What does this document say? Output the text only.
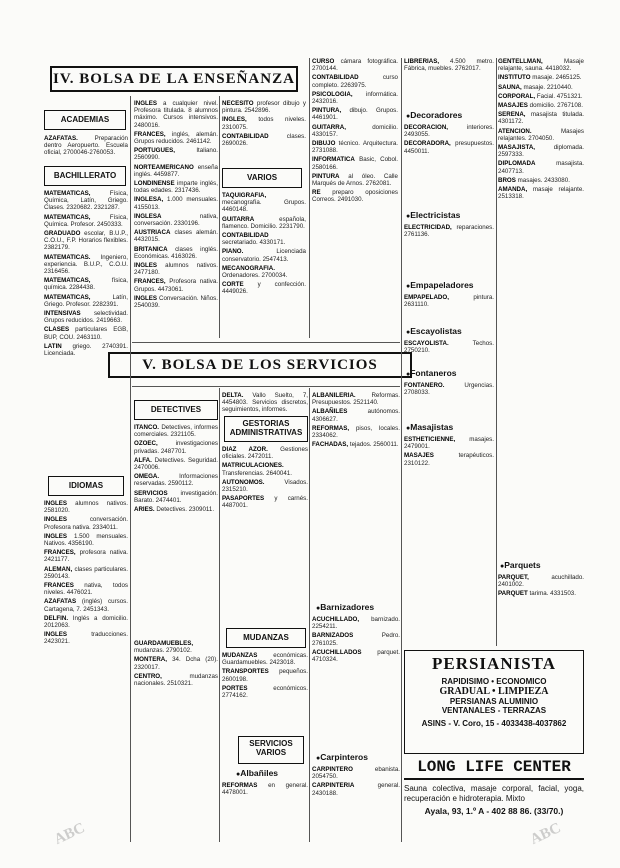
IV. BOLSA DE LA ENSEÑANZA
ACADEMIAS

AZAFATAS.	Preparación dentro Aeropuerto. Escuela oficial, 2700046-2760053.

BACHILLERATO

MATEMATICAS,	Física, Química, Latín, Griego. Clases. 2320682. 2321287.

MATEMATICAS,	Física, Química. Profesor. 2450333.

GRADUADO escolar, B.U.P., C.O.U., F.P. Horarios flexibles. 2382179.

MATEMATICAS. Ingeniero, experiencia. B.U.P., C.O.U. 2316456.

MATEMATICAS,	física, química. 2284438.

MATEMATICAS,	Latín, Griego. Profesor. 2282391.

INTENSIVAS selectividad. Grupos reducidos. 2419663.

CLASES particulares EGB, BUP, COU. 2463110.

LATIN griego. 2740391. Licenciada.

IDIOMAS

INGLES alumnos nativos. 2581020.

INGLES	conversación. Profesora nativa. 2334011.

INGLES 1.500 mensuales. Nativos. 4356190.

FRANCES, profesora nativa. 2421177.

ALEMAN, clases particulares. 2590143.

FRANCES nativa, todos niveles. 4476021.

AZAFATAS (inglés) cursos. Cartagena, 7. 2451343.

DELFIN. Inglés a domicilio. 2012063.

INGLES	traducciones. 2423021.

INGLES a cualquier nivel. Profesora titulada. 8 alumnos máximo. Cursos intensivos. 2480016.

FRANCES, inglés, alemán. Grupos reducidos. 2461142.

PORTUGUES,	Italiano. 2560990.

NORTEAMERICANO enseña inglés. 4459877.

LONDINENSE imparte inglés, todas edades. 2317436.

INGLESA, 1.000 mensuales. 4155013.

INGLESA	nativa, conversación. 2330196.

AUSTRIACA clases alemán. 4432015.

BRITANICA clases inglés. Económicas. 4163026.

INGLES alumnos nativos. 2477180.

FRANCES, Profesora nativa. Grupos. 4473061.

INGLES Conversación. Niños. 2540039.

NECESITO profesor dibujo y pintura. 2542896.

INGLES, todos niveles. 2310075.

CONTABILIDAD	clases. 2690026.

VARIOS

TAQUIGRAFIA, mecanografía. Grupos. 4460148.

GUITARRA	española, flamenco. Domicilio. 2231790.

CONTABILIDAD secretariado. 4330171.

PIANO.	Licenciada conservatorio. 2547413.

MECANOGRAFIA. Ordenadores. 2700034.

CORTE y confección. 4449026.

CURSO cámara fotográfica. 2700144.

CONTABILIDAD	curso completo. 2263975.

PSICOLOGIA, informática. 2432016.

PINTURA, dibujo. Grupos. 4461901.

GUITARRA,	domicilio. 4330157.

DIBUJO técnico. Arquitectura. 2731088.

INFORMATICA Basic, Cobol. 2580166.

PINTURA al óleo. Calle Marqués de Arnos. 2762081.

RE preparo oposiciones Correos. 2491030.

V. BOLSA DE LOS SERVICIOS
DETECTIVES

ITANCO. Detectives, informes comerciales. 2321105.

OZOEC,	investigaciones privadas. 2487701.

ALFA. Detectives. Seguridad. 2470006.

OMEGA.	Informaciones reservadas. 2590112.

SERVICIOS investigación. Barato. 2474401.

ARIES. Detectives. 2309011.

GUARDAMUEBLES, mudanzas. 2790102.

MONTERA, 34. Dcha (20). 2320017.

CENTRO,	mudanzas nacionales. 2510321.

DELTA. Vallo Suelto, 7, 4454803. Servicios discretos, seguimientos, informes.

GESTORIAS
ADMINISTRATIVAS

DIAZ AZOR. Gestiones oficiales. 2472011.

MATRICULACIONES. Transferencias. 2640041.

AUTONOMOS.	Visados. 2315210.

PASAPORTES y carnés. 4487001.

MUDANZAS

MUDANZAS	económicas. Guardamuebles. 2423018.

TRANSPORTES pequeños. 2600198.

PORTES	económicos. 2774162.

SERVICIOS
VARIOS
● Albañiles

REFORMAS en general. 4478001.

ALBAÑILERIA.	Reformas. Presupuestos. 2521140.

ALBAÑILES	autónomos. 4306627.

REFORMAS, pisos, locales. 2334062.

FACHADAS, tejados. 2560011.

● Barnizadores

ACUCHILLADO, barnizado. 2254211.

BARNIZADOS	Pedro. 2761025.

ACUCHILLADOS	parquet. 4710324.

● Carpinteros

CARPINTERO	ebanista. 2054750.

CARPINTERIA	general. 2430188.

LIBRERIAS, 4.500 metro. Fábrica, muebles. 2762017.

● Decoradores

DECORACION,	interiores. 2493055.

DECORADORA, presupuestos. 4450011.

● Electricistas

ELECTRICIDAD, reparaciones. 2761136.

● Empapeladores

EMPAPELADO,	pintura. 2631110.

● Escayolistas

ESCAYOLISTA.	Techos. 2750210.

● Fontaneros

FONTANERO.	Urgencias. 2708033.

● Masajistas

ESTHETICIENNE, masajes. 2479001.

MASAJES	terapéuticos. 2310122.

GENTELLMAN,	Masaje relajante, sauna. 4418032.

INSTITUTO masaje. 2465125.

SAUNA, masaje. 2210440.

CORPORAL, Facial. 4751321.

MASAJES domicilio. 2767108.

SERENA, masajista titulada. 4301172.

ATENCION.	Masajes relajantes. 2704050.

MASAJISTA,	diplomada. 2597333.

DIPLOMADA	masajista. 2407713.

BROS masajes. 2433080.

AMANDA, masaje relajante. 2513318.

● Parquets

PARQUET,	acuchillado. 2401002.

PARQUET tarima. 4331503.

PERSIANISTA
RAPIDISIMO • ECONOMICO
GRADUAL • LIMPIEZA
PERSIANAS ALUMINIO
VENTANALES - TERRAZAS
ASINS - V. Coro, 15 - 4033438-4037862
LONG LIFE CENTER
Sauna colectiva, masaje corporal, facial, yoga, recuperación e hidroterapia. Mixto
Ayala, 93, 1.º A - 402 88 86. (33/70.)
ABC	ABC
